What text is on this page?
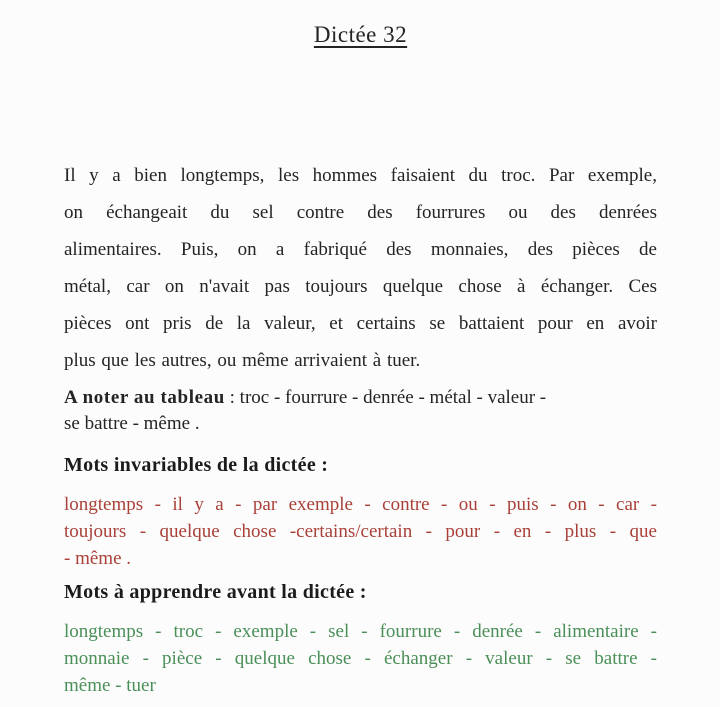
Dictée 32
Il y a bien longtemps, les hommes faisaient du troc. Par exemple,
on échangeait du sel contre des fourrures ou des denrées
alimentaires. Puis, on a fabriqué des monnaies, des pièces de
métal, car on n'avait pas toujours quelque chose à échanger. Ces
pièces ont pris de la valeur, et certains se battaient pour en avoir
plus que les autres, ou même arrivaient à tuer.
A noter au tableau : troc - fourrure - denrée - métal - valeur -
se battre - même .
Mots invariables de la dictée :
longtemps - il y a - par exemple - contre - ou - puis - on - car -
toujours - quelque chose -certains/certain - pour - en - plus - que
- même .
Mots à apprendre avant la dictée :
longtemps - troc - exemple - sel - fourrure - denrée - alimentaire -
monnaie - pièce - quelque chose - échanger - valeur - se battre -
même - tuer
